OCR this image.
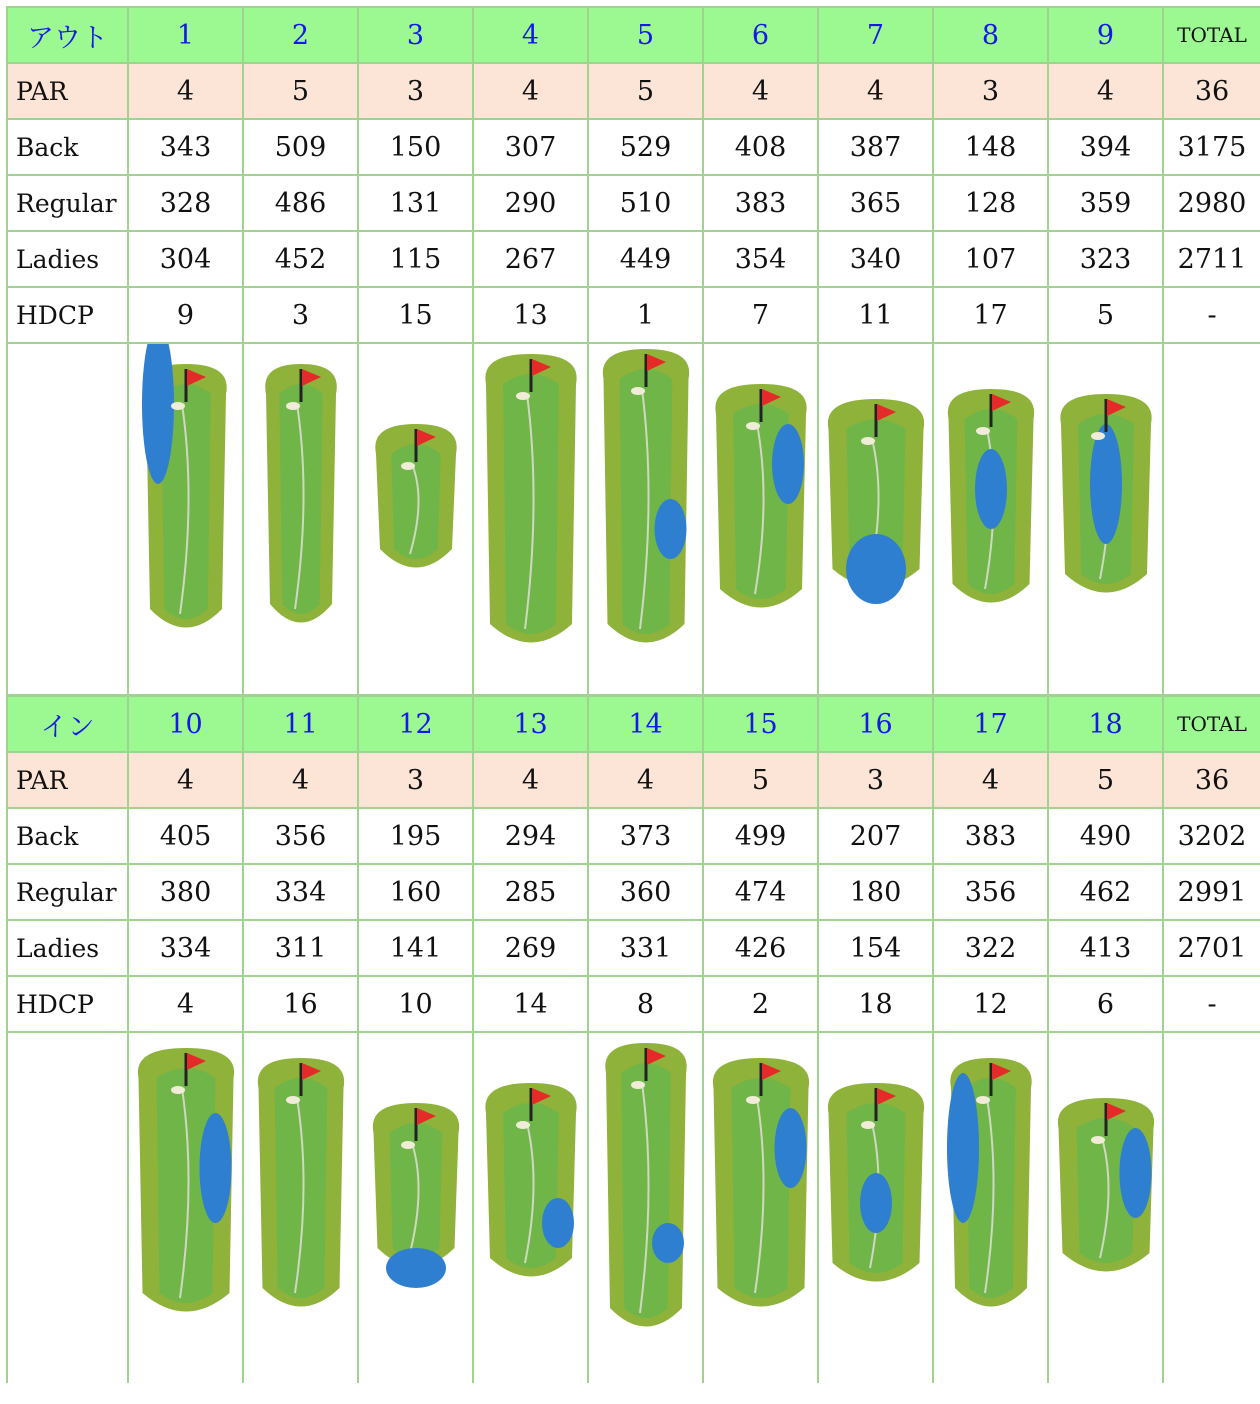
アウト	1	2	3	4	5	6	7	8	9	TOTAL
PAR	4	5	3	4	5	4	4	3	4	36
Back	343	509	150	307	529	408	387	148	394	3175
Regular	328	486	131	290	510	383	365	128	359	2980
Ladies	304	452	115	267	449	354	340	107	323	2711
HDCP	9	3	15	13	1	7	11	17	5	-

イン	10	11	12	13	14	15	16	17	18	TOTAL
PAR	4	4	3	4	4	5	3	4	5	36
Back	405	356	195	294	373	499	207	383	490	3202
Regular	380	334	160	285	360	474	180	356	462	2991
Ladies	334	311	141	269	331	426	154	322	413	2701
HDCP	4	16	10	14	8	2	18	12	6	-
